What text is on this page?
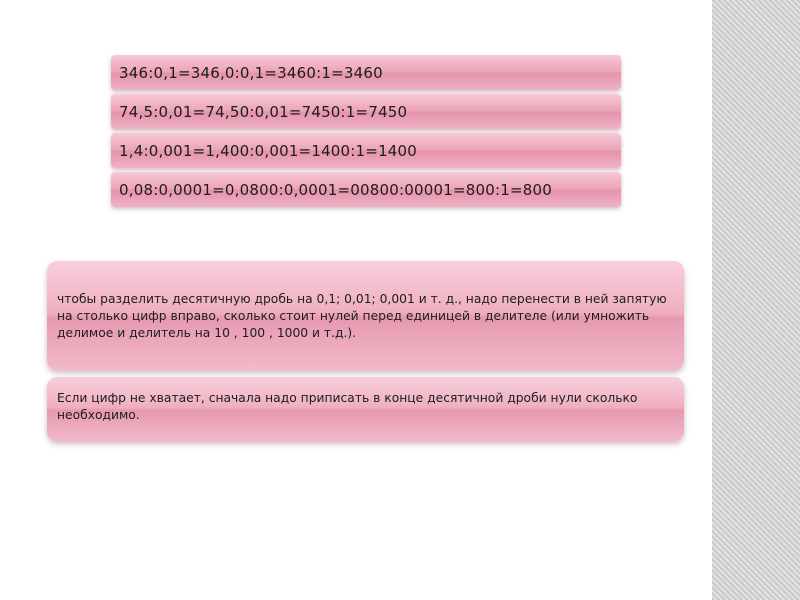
346:0,1=346,0:0,1=3460:1=3460
74,5:0,01=74,50:0,01=7450:1=7450
1,4:0,001=1,400:0,001=1400:1=1400
0,08:0,0001=0,0800:0,0001=00800:00001=800:1=800
чтобы разделить десятичную дробь на 0,1; 0,01; 0,001 и т. д., надо перенести в ней запятую на столько цифр вправо, сколько стоит нулей перед единицей в делителе (или умножить делимое и делитель на 10 , 100 , 1000 и т.д.).
Если цифр не хватает, сначала надо приписать в конце десятичной дроби нули сколько необходимо.
